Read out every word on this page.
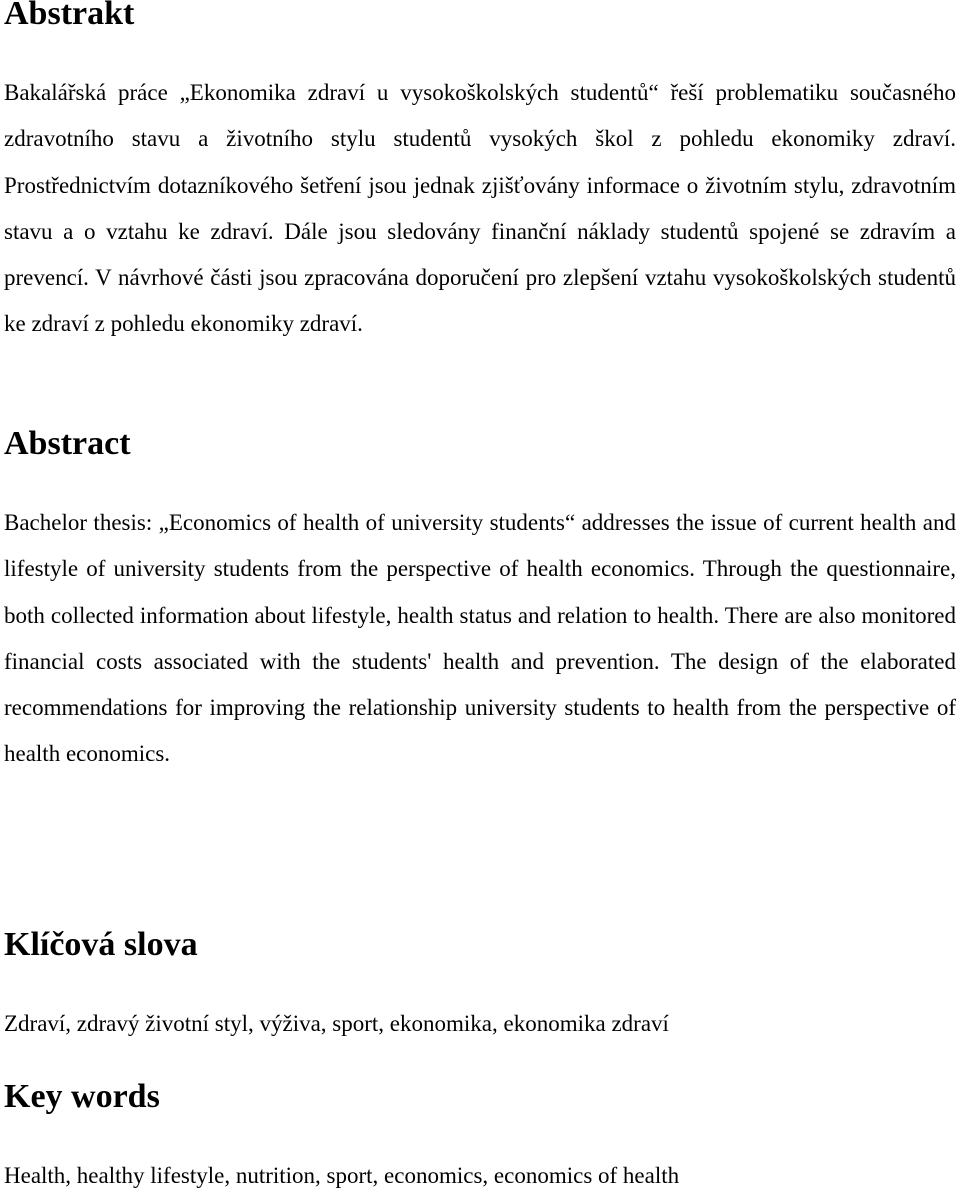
Abstrakt

Bakalářská práce „Ekonomika zdraví u vysokoškolských studentů“ řeší problematiku současného zdravotního stavu a životního stylu studentů vysokých škol z pohledu ekonomiky zdraví. Prostřednictvím dotazníkového šetření jsou jednak zjišťovány informace o životním stylu, zdravotním stavu a o vztahu ke zdraví. Dále jsou sledovány finanční náklady studentů spojené se zdravím a prevencí. V návrhové části jsou zpracována doporučení pro zlepšení vztahu vysokoškolských studentů ke zdraví z pohledu ekonomiky zdraví.

Abstract

Bachelor thesis: „Economics of health of university students“ addresses the issue of current health and lifestyle of university students from the perspective of health economics. Through the questionnaire, both collected information about lifestyle, health status and relation to health. There are also monitored financial costs associated with the students' health and prevention. The design of the elaborated recommendations for improving the relationship university students to health from the perspective of health economics.

Klíčová slova

Zdraví, zdravý životní styl, výživa, sport, ekonomika, ekonomika zdraví

Key words

Health, healthy lifestyle, nutrition, sport, economics, economics of health
